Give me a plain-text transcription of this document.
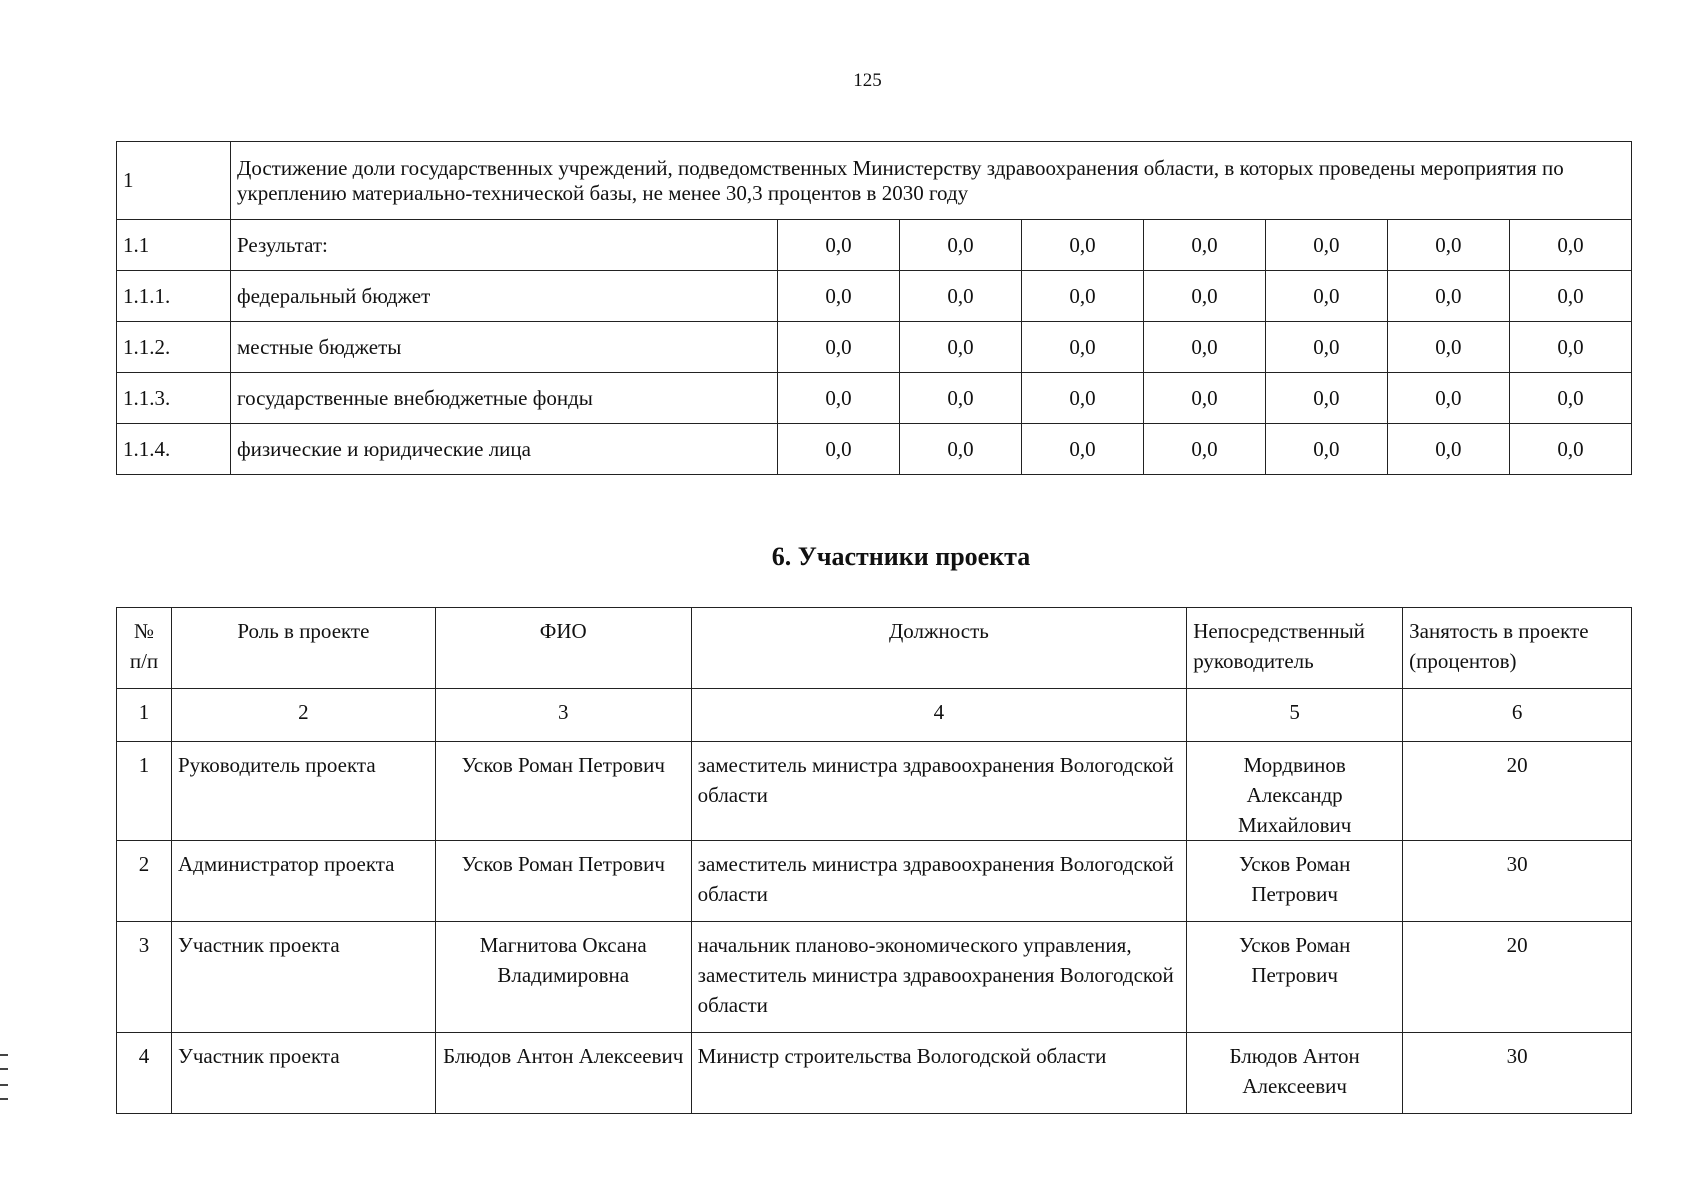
125
1	Достижение доли государственных учреждений, подведомственных Министерству здравоохранения области, в которых проведены мероприятия по укреплению материально-технической базы, не менее 30,3 процентов в 2030 году							
1.1	Результат:	0,0	0,0	0,0	0,0	0,0	0,0	0,0
1.1.1.	федеральный бюджет	0,0	0,0	0,0	0,0	0,0	0,0	0,0
1.1.2.	местные бюджеты	0,0	0,0	0,0	0,0	0,0	0,0	0,0
1.1.3.	государственные внебюджетные фонды	0,0	0,0	0,0	0,0	0,0	0,0	0,0
1.1.4.	физические и юридические лица	0,0	0,0	0,0	0,0	0,0	0,0	0,0
6. Участники проекта
№ п/п	Роль в проекте	ФИО	Должность	Непосредственный руководитель	Занятость в проекте (процентов)
1	2	3	4	5	6
1	Руководитель проекта	Усков Роман Петрович	заместитель министра здравоохранения Вологодской области	Мордвинов Александр Михайлович	20
2	Администратор проекта	Усков Роман Петрович	заместитель министра здравоохранения Вологодской области	Усков Роман Петрович	30
3	Участник проекта	Магнитова Оксана Владимировна	начальник планово-экономического управления, заместитель министра здравоохранения Вологодской области	Усков Роман Петрович	20
4	Участник проекта	Блюдов Антон Алексеевич	Министр строительства Вологодской области	Блюдов Антон Алексеевич	30
